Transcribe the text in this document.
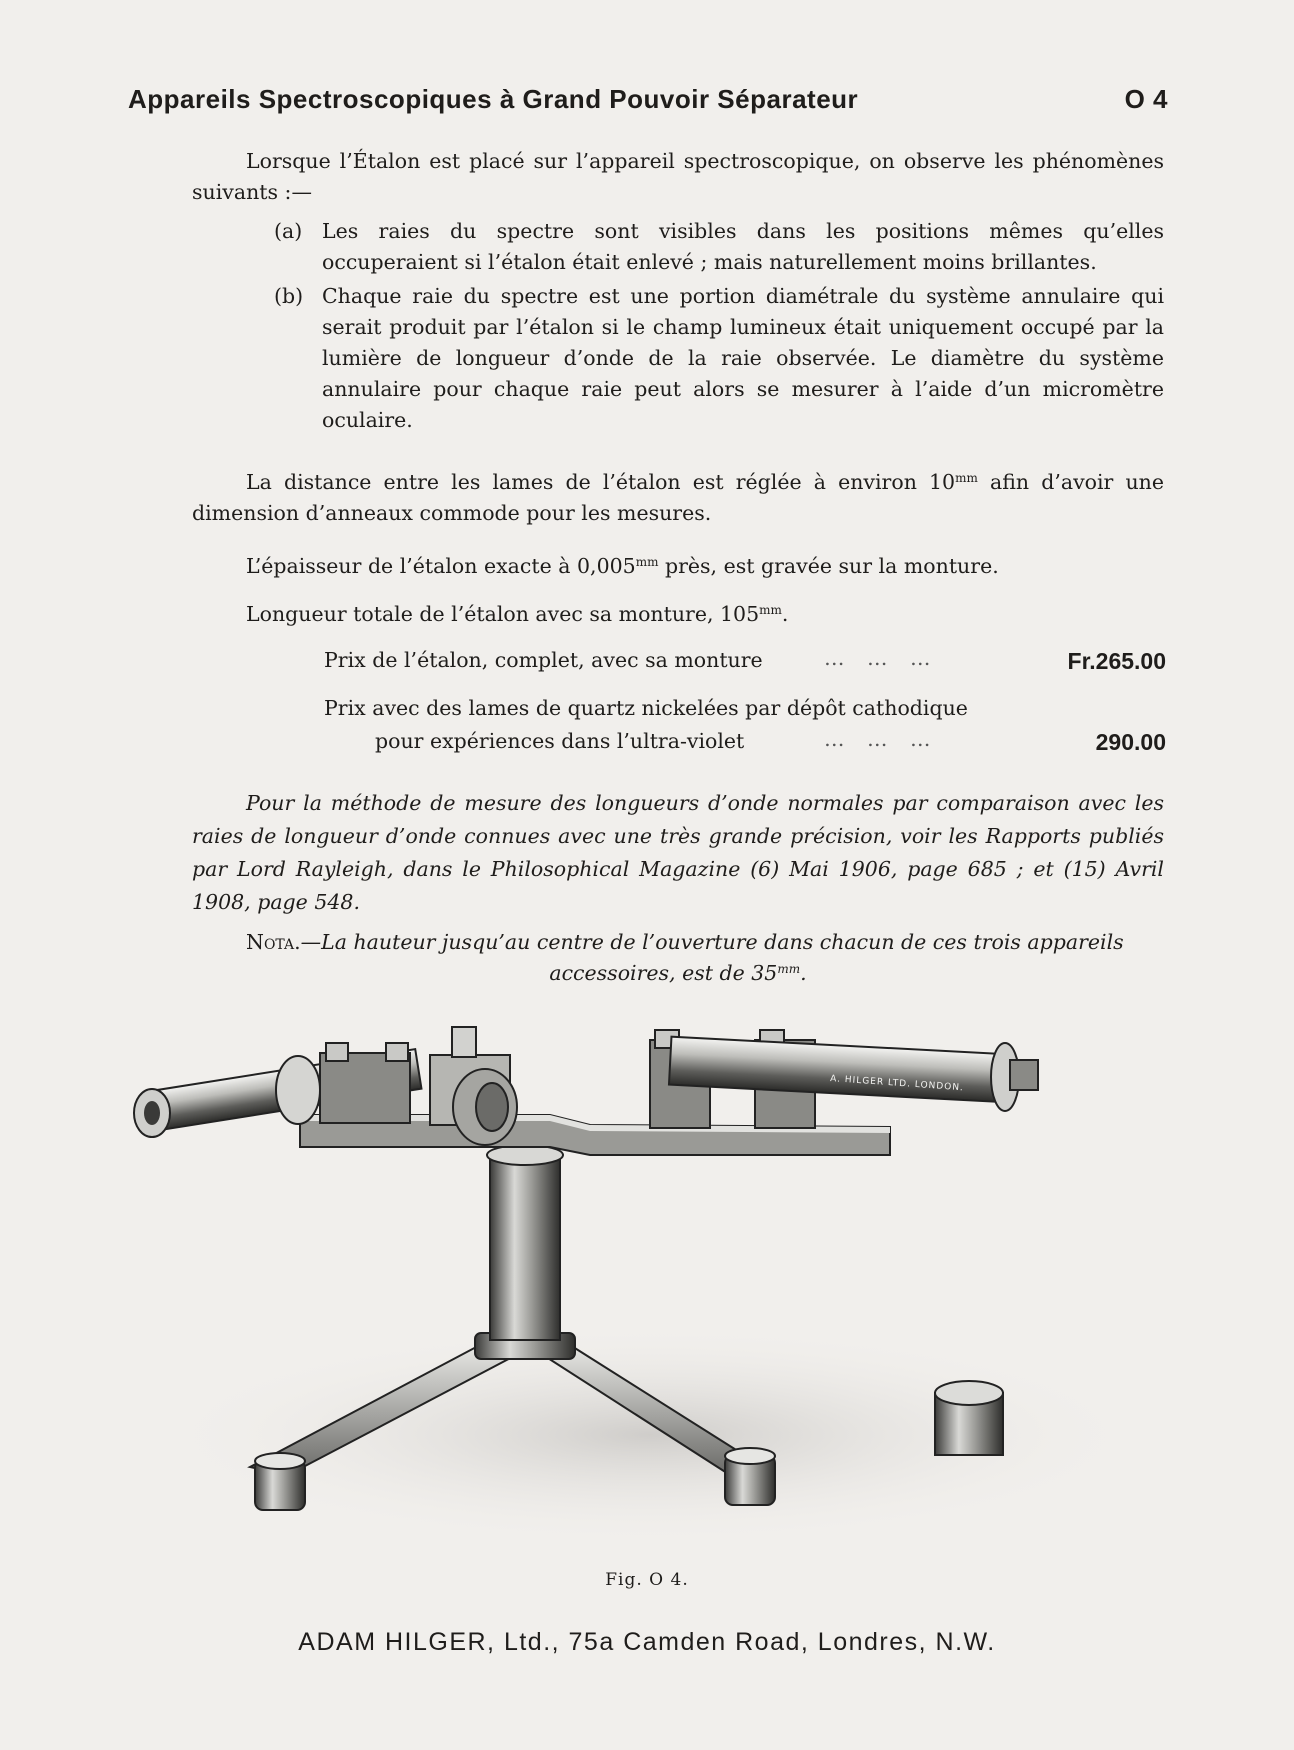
Appareils Spectroscopiques à Grand Pouvoir Séparateur	O 4
Lorsque l’Étalon est placé sur l’appareil spectroscopique, on observe les phénomènes suivants :—
(a) Les raies du spectre sont visibles dans les positions mêmes qu’elles occuperaient si l’étalon était enlevé ; mais naturellement moins brillantes.
(b) Chaque raie du spectre est une portion diamétrale du système annulaire qui serait produit par l’étalon si le champ lumineux était uniquement occupé par la lumière de longueur d’onde de la raie observée. Le diamètre du système annulaire pour chaque raie peut alors se mesurer à l’aide d’un micromètre oculaire.
La distance entre les lames de l’étalon est réglée à environ $10^{mm}$ afin d’avoir une dimension d’anneaux commode pour les mesures.
L’épaisseur de l’étalon exacte à $0,005^{mm}$ près, est gravée sur la monture.
Longueur totale de l’étalon avec sa monture, $105^{mm}$.
Prix de l’étalon, complet, avec sa monture	… … …	Fr.265.00
Prix avec des lames de quartz nickelées par dépôt cathodique
pour expériences dans l’ultra-violet	… … …	290.00
Pour la méthode de mesure des longueurs d’onde normales par comparaison avec les raies de longueur d’onde connues avec une très grande précision, voir les Rapports publiés par Lord Rayleigh, dans le Philosophical Magazine (6) Mai 1906, page 685 ; et (15) Avril 1908, page 548.
Nota.—La hauteur jusqu’au centre de l’ouverture dans chacun de ces trois appareils
accessoires, est de $35^{mm}$.
A. HILGER LTD. LONDON.
Fig. O 4.
ADAM HILGER, Ltd., 75a Camden Road, Londres, N.W.
